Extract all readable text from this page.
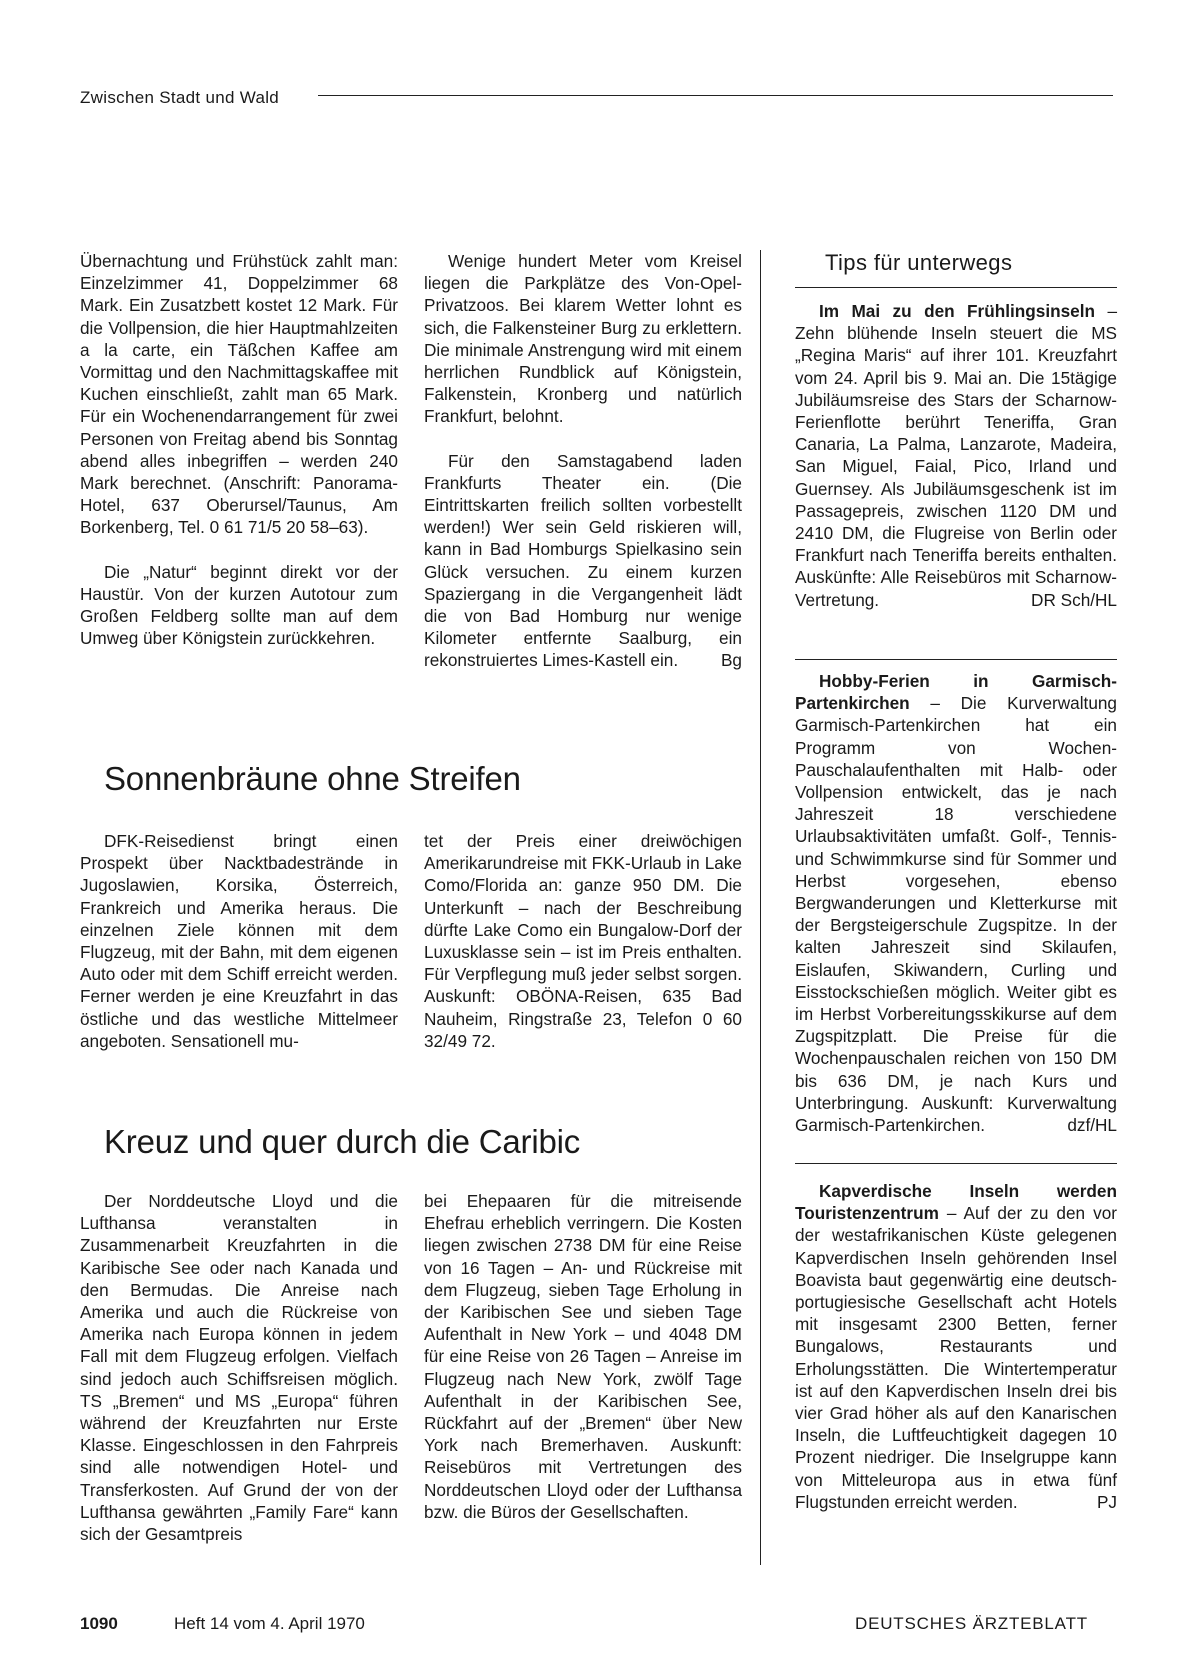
Zwischen Stadt und Wald

Übernachtung und Frühstück zahlt man: Einzelzimmer 41, Doppelzimmer 68 Mark. Ein Zusatzbett kostet 12 Mark. Für die Vollpension, die hier Hauptmahlzeiten a la carte, ein Täßchen Kaffee am Vormittag und den Nachmittagskaffee mit Kuchen einschließt, zahlt man 65 Mark. Für ein Wochenendarrangement für zwei Personen von Freitag abend bis Sonntag abend alles inbegriffen – werden 240 Mark berechnet. (Anschrift: Panorama-Hotel, 637 Oberursel/Taunus, Am Borkenberg, Tel. 0 61 71/5 20 58–63).

Die „Natur“ beginnt direkt vor der Haustür. Von der kurzen Autotour zum Großen Feldberg sollte man auf dem Umweg über Königstein zurückkehren.

Wenige hundert Meter vom Kreisel liegen die Parkplätze des Von-Opel-Privatzoos. Bei klarem Wetter lohnt es sich, die Falkensteiner Burg zu erklettern. Die minimale Anstrengung wird mit einem herrlichen Rundblick auf Königstein, Falkenstein, Kronberg und natürlich Frankfurt, belohnt.

Für den Samstagabend laden Frankfurts Theater ein. (Die Eintrittskarten freilich sollten vorbestellt werden!) Wer sein Geld riskieren will, kann in Bad Homburgs Spielkasino sein Glück versuchen. Zu einem kurzen Spaziergang in die Vergangenheit lädt die von Bad Homburg nur wenige Kilometer entfernte Saalburg, ein rekonstruiertes Limes-Kastell ein.	Bg

Sonnenbräune ohne Streifen

DFK-Reisedienst bringt einen Prospekt über Nacktbadestrände in Jugoslawien, Korsika, Österreich, Frankreich und Amerika heraus. Die einzelnen Ziele können mit dem Flugzeug, mit der Bahn, mit dem eigenen Auto oder mit dem Schiff erreicht werden. Ferner werden je eine Kreuzfahrt in das östliche und das westliche Mittelmeer angeboten. Sensationell mu-

tet der Preis einer dreiwöchigen Amerikarundreise mit FKK-Urlaub in Lake Como/Florida an: ganze 950 DM. Die Unterkunft – nach der Beschreibung dürfte Lake Como ein Bungalow-Dorf der Luxusklasse sein – ist im Preis enthalten. Für Verpflegung muß jeder selbst sorgen. Auskunft: OBÖNA-Reisen, 635 Bad Nauheim, Ringstraße 23, Telefon 0 60 32/49 72.

Kreuz und quer durch die Caribic

Der Norddeutsche Lloyd und die Lufthansa veranstalten in Zusammenarbeit Kreuzfahrten in die Karibische See oder nach Kanada und den Bermudas. Die Anreise nach Amerika und auch die Rückreise von Amerika nach Europa können in jedem Fall mit dem Flugzeug erfolgen. Vielfach sind jedoch auch Schiffsreisen möglich. TS „Bremen“ und MS „Europa“ führen während der Kreuzfahrten nur Erste Klasse. Eingeschlossen in den Fahrpreis sind alle notwendigen Hotel- und Transferkosten. Auf Grund der von der Lufthansa gewährten „Family Fare“ kann sich der Gesamtpreis

bei Ehepaaren für die mitreisende Ehefrau erheblich verringern. Die Kosten liegen zwischen 2738 DM für eine Reise von 16 Tagen – An- und Rückreise mit dem Flugzeug, sieben Tage Erholung in der Karibischen See und sieben Tage Aufenthalt in New York – und 4048 DM für eine Reise von 26 Tagen – Anreise im Flugzeug nach New York, zwölf Tage Aufenthalt in der Karibischen See, Rückfahrt auf der „Bremen“ über New York nach Bremerhaven. Auskunft: Reisebüros mit Vertretungen des Norddeutschen Lloyd oder der Lufthansa bzw. die Büros der Gesellschaften.

Tips für unterwegs

Im Mai zu den Frühlingsinseln – Zehn blühende Inseln steuert die MS „Regina Maris“ auf ihrer 101. Kreuzfahrt vom 24. April bis 9. Mai an. Die 15tägige Jubiläumsreise des Stars der Scharnow-Ferienflotte berührt Teneriffa, Gran Canaria, La Palma, Lanzarote, Madeira, San Miguel, Faial, Pico, Irland und Guernsey. Als Jubiläumsgeschenk ist im Passagepreis, zwischen 1120 DM und 2410 DM, die Flugreise von Berlin oder Frankfurt nach Teneriffa bereits enthalten. Auskünfte: Alle Reisebüros mit Scharnow-Vertretung.	DR Sch/HL

Hobby-Ferien in Garmisch-Partenkirchen – Die Kurverwaltung Garmisch-Partenkirchen hat ein Programm von Wochen-Pauschalaufenthalten mit Halb- oder Vollpension entwickelt, das je nach Jahreszeit 18 verschiedene Urlaubsaktivitäten umfaßt. Golf-, Tennis- und Schwimmkurse sind für Sommer und Herbst vorgesehen, ebenso Bergwanderungen und Kletterkurse mit der Bergsteigerschule Zugspitze. In der kalten Jahreszeit sind Skilaufen, Eislaufen, Skiwandern, Curling und Eisstockschießen möglich. Weiter gibt es im Herbst Vorbereitungsskikurse auf dem Zugspitzplatt. Die Preise für die Wochenpauschalen reichen von 150 DM bis 636 DM, je nach Kurs und Unterbringung. Auskunft: Kurverwaltung Garmisch-Partenkirchen.	dzf/HL

Kapverdische Inseln werden Touristenzentrum – Auf der zu den vor der westafrikanischen Küste gelegenen Kapverdischen Inseln gehörenden Insel Boavista baut gegenwärtig eine deutsch-portugiesische Gesellschaft acht Hotels mit insgesamt 2300 Betten, ferner Bungalows, Restaurants und Erholungsstätten. Die Wintertemperatur ist auf den Kapverdischen Inseln drei bis vier Grad höher als auf den Kanarischen Inseln, die Luftfeuchtigkeit dagegen 10 Prozent niedriger. Die Inselgruppe kann von Mitteleuropa aus in etwa fünf Flugstunden erreicht werden.	PJ

1090	Heft 14 vom 4. April 1970	DEUTSCHES ÄRZTEBLATT
